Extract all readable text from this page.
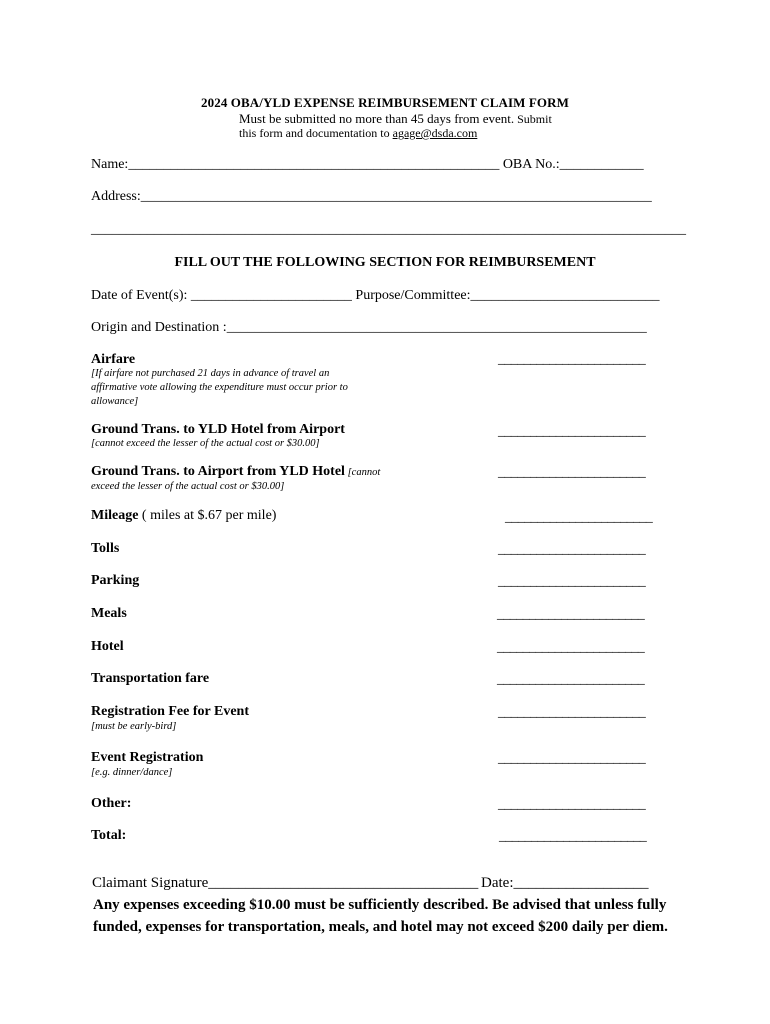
2024 OBA/YLD EXPENSE REIMBURSEMENT CLAIM FORM
Must be submitted no more than 45 days from event. Submit
this form and documentation to agage@dsda.com
Name:_____________________________________________________ OBA No.:____________
Address:_________________________________________________________________________
_____________________________________________________________________________________
FILL OUT THE FOLLOWING SECTION FOR REIMBURSEMENT
Date of Event(s): _______________________ Purpose/Committee:___________________________
Origin and Destination :____________________________________________________________
Airfare
[If airfare not purchased 21 days in advance of travel an
affirmative vote allowing the expenditure must occur prior to
allowance]
_______________________
Ground Trans. to YLD Hotel from Airport
[cannot exceed the lesser of the actual cost or $30.00]
_______________________
Ground Trans. to Airport from YLD Hotel [cannot
exceed the lesser of the actual cost or $30.00]
_______________________
Mileage ( miles at $.67 per mile)	_______________________
Tolls	_______________________
Parking	_______________________
Meals	_______________________
Hotel	_______________________
Transportation fare	_______________________
Registration Fee for Event
[must be early-bird]
_______________________
Event Registration
[e.g. dinner/dance]
_______________________
Other:	_______________________
Total:	_______________________
Claimant Signature____________________________________ Date:__________________
Any expenses exceeding $10.00 must be sufficiently described. Be advised that unless fully funded, expenses for transportation, meals, and hotel may not exceed $200 daily per diem.
